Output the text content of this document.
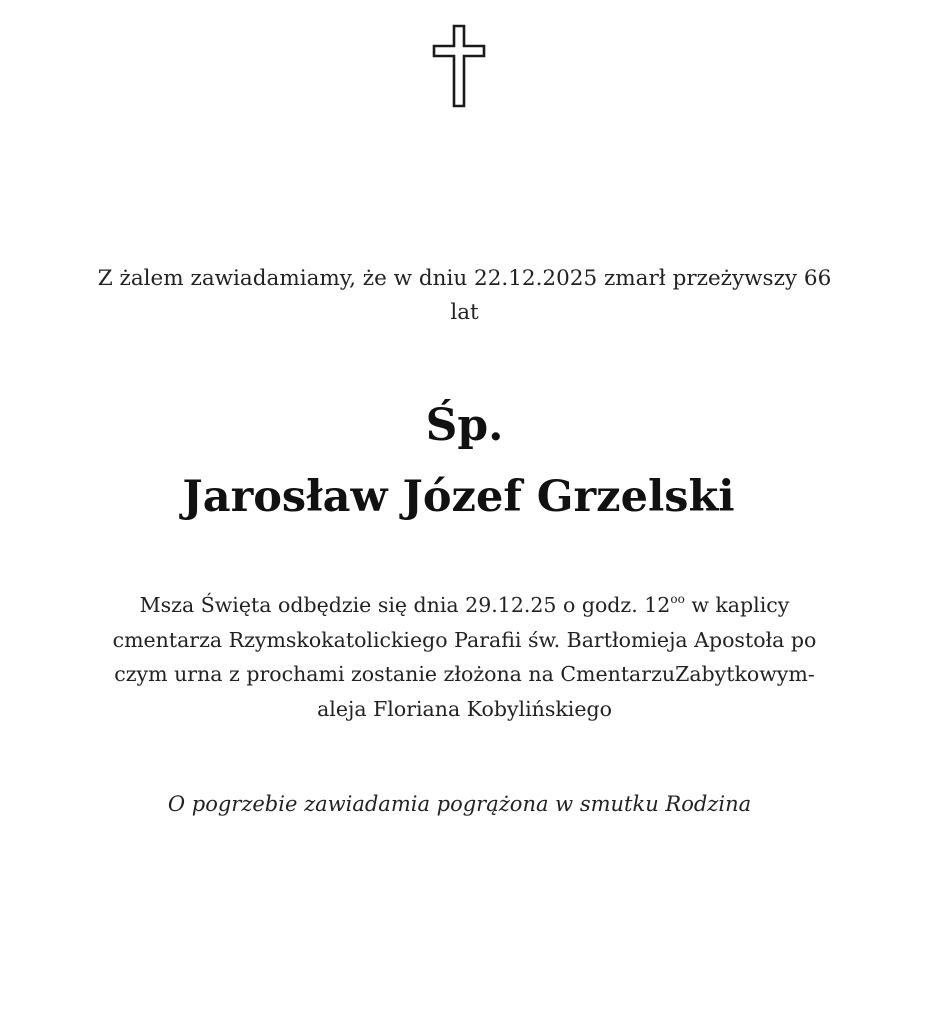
Z żalem zawiadamiamy, że w dniu 22.12.2025 zmarł przeżywszy 66
lat
Śp.
Jarosław Józef Grzelski
Msza Święta odbędzie się dnia 29.12.25 o godz. $12^{oo}$ w kaplicy
cmentarza Rzymskokatolickiego Parafii św. Bartłomieja Apostoła po
czym urna z prochami zostanie złożona na CmentarzuZabytkowym-
aleja Floriana Kobylińskiego
O pogrzebie zawiadamia pogrążona w smutku Rodzina
